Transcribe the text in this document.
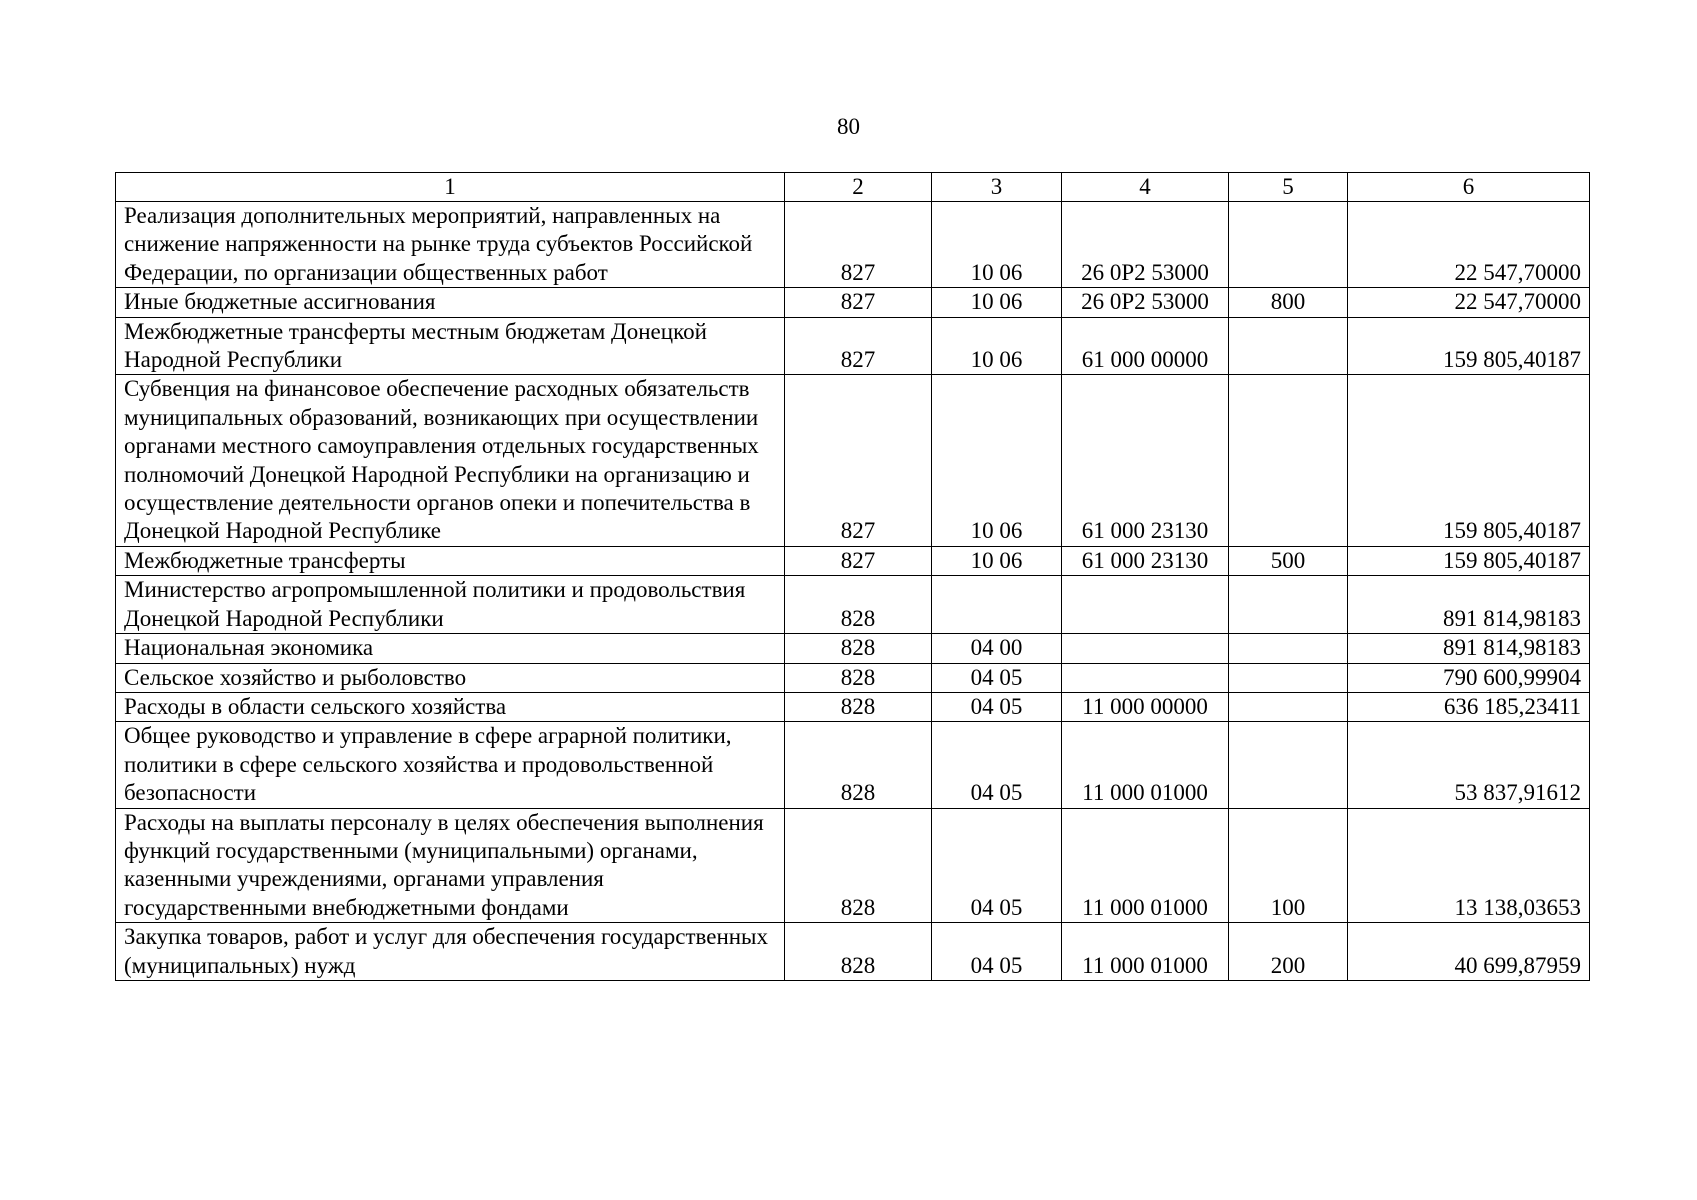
80
1	2	3	4	5	6
Реализация дополнительных мероприятий, направленных на снижение напряженности на рынке труда субъектов Российской Федерации, по организации общественных работ	827	10 06	26 0P2 53000		22 547,70000
Иные бюджетные ассигнования	827	10 06	26 0P2 53000	800	22 547,70000
Межбюджетные трансферты местным бюджетам Донецкой Народной Республики	827	10 06	61 000 00000		159 805,40187
Субвенция на финансовое обеспечение расходных обязательств муниципальных образований, возникающих при осуществлении органами местного самоуправления отдельных государственных полномочий Донецкой Народной Республики на организацию и осуществление деятельности органов опеки и попечительства в Донецкой Народной Республике	827	10 06	61 000 23130		159 805,40187
Межбюджетные трансферты	827	10 06	61 000 23130	500	159 805,40187
Министерство агропромышленной политики и продовольствия Донецкой Народной Республики	828				891 814,98183
Национальная экономика	828	04 00			891 814,98183
Сельское хозяйство и рыболовство	828	04 05			790 600,99904
Расходы в области сельского хозяйства	828	04 05	11 000 00000		636 185,23411
Общее руководство и управление в сфере аграрной политики, политики в сфере сельского хозяйства и продовольственной безопасности	828	04 05	11 000 01000		53 837,91612
Расходы на выплаты персоналу в целях обеспечения выполнения функций государственными (муниципальными) органами, казенными учреждениями, органами управления государственными внебюджетными фондами	828	04 05	11 000 01000	100	13 138,03653
Закупка товаров, работ и услуг для обеспечения государственных (муниципальных) нужд	828	04 05	11 000 01000	200	40 699,87959
